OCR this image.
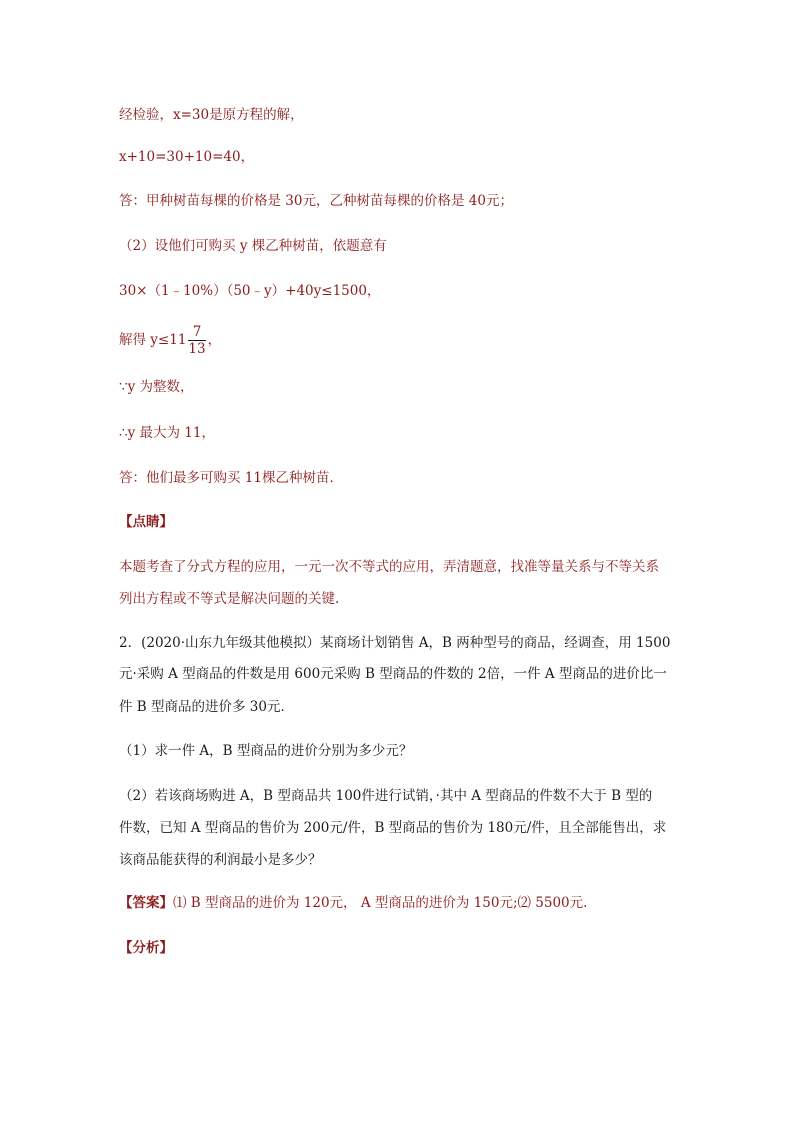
经检验，x=30是原方程的解，
x+10=30+10=40，
答：甲种树苗每棵的价格是 30元，乙种树苗每棵的价格是 40元；
（2）设他们可购买 y 棵乙种树苗，依题意有
30×（1﹣10%）（50﹣y）+40y≤1500，
解得 $y\le 11 \frac{7}{13}$ ，
∵y 为整数，
∴y 最大为 11，
答：他们最多可购买 11棵乙种树苗．
【点睛】
本题考查了分式方程的应用，一元一次不等式的应用，弄清题意，找准等量关系与不等关系
列出方程或不等式是解决问题的关键.
2．(2020·山东九年级其他模拟）某商场计划销售 A，B 两种型号的商品，经调查，用 1500
元·采购 A 型商品的件数是用 600元采购 B 型商品的件数的 2倍，一件 A 型商品的进价比一
件 B 型商品的进价多 30元．
（1）求一件 A，B 型商品的进价分别为多少元？
（2）若该商场购进 A，B 型商品共 100件进行试销，·其中 A 型商品的件数不大于 B 型的
件数，已知 A 型商品的售价为 200元/件，B 型商品的售价为 180元/件，且全部能售出，求
该商品能获得的利润最小是多少？
【答案】⑴ B 型商品的进价为 120元， A 型商品的进价为 150元;⑵ 5500元.
【分析】
